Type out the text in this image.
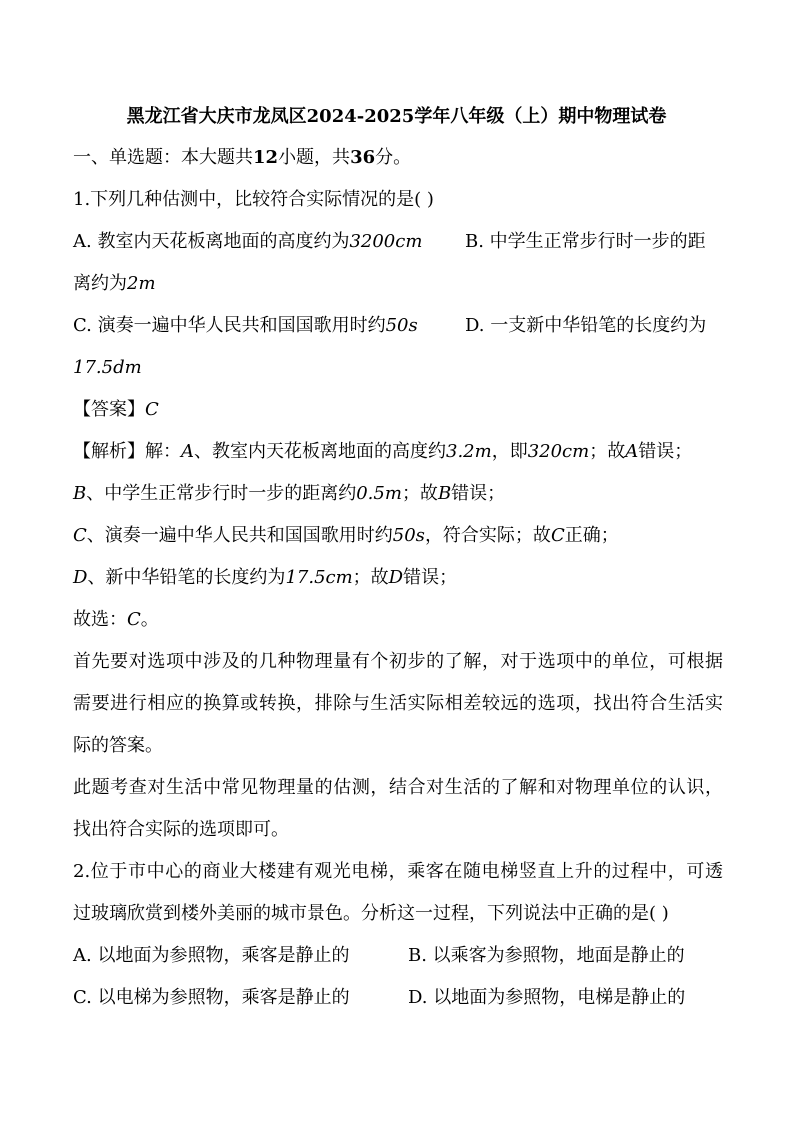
黑龙江省大庆市龙凤区2024-2025学年八年级（上）期中物理试卷
一、单选题：本大题共12小题，共36分。
1.下列几种估测中，比较符合实际情况的是( )
A. 教室内天花板离地面的高度约为3200cm B. 中学生正常步行时一步的距
离约为2m
C. 演奏一遍中华人民共和国国歌用时约50s	D. 一支新中华铅笔的长度约为
17.5dm
【答案】C
【解析】解：A、教室内天花板离地面的高度约3.2m，即320cm；故A错误；
B、中学生正常步行时一步的距离约0.5m；故B错误；
C、演奏一遍中华人民共和国国歌用时约50s，符合实际；故C正确；
D、新中华铅笔的长度约为17.5cm；故D错误；
故选：C。
首先要对选项中涉及的几种物理量有个初步的了解，对于选项中的单位，可根据
需要进行相应的换算或转换，排除与生活实际相差较远的选项，找出符合生活实
际的答案。
此题考查对生活中常见物理量的估测，结合对生活的了解和对物理单位的认识，
找出符合实际的选项即可。
2.位于市中心的商业大楼建有观光电梯，乘客在随电梯竖直上升的过程中，可透
过玻璃欣赏到楼外美丽的城市景色。分析这一过程，下列说法中正确的是( )
A. 以地面为参照物，乘客是静止的	B. 以乘客为参照物，地面是静止的
C. 以电梯为参照物，乘客是静止的	D. 以地面为参照物，电梯是静止的
